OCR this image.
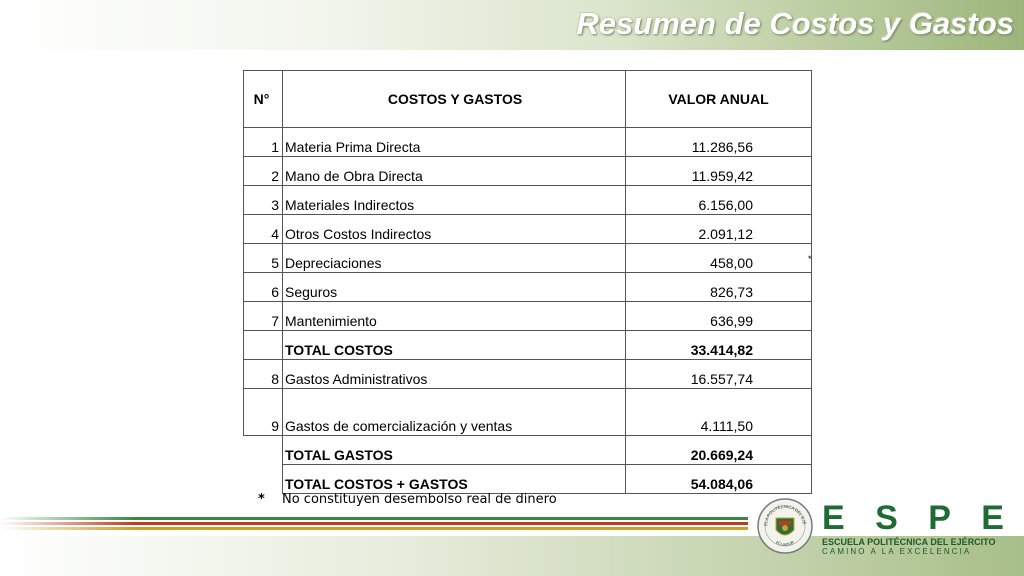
Resumen de Costos y Gastos
N°	COSTOS Y GASTOS	VALOR ANUAL
1	Materia Prima Directa	11.286,56
2	Mano de Obra Directa	11.959,42
3	Materiales Indirectos	6.156,00
4	Otros Costos Indirectos	2.091,12
5	Depreciaciones	458,00
6	Seguros	826,73
7	Mantenimiento	636,99
	TOTAL COSTOS	33.414,82
8	Gastos Administrativos	16.557,74
9	Gastos de comercialización y ventas	4.111,50
	TOTAL GASTOS	20.669,24
	TOTAL COSTOS + GASTOS	54.084,06
*
* No constituyen desembolso real de dinero
ELA POLITÉCNICA DEL EJÉ
ECUADOR
E S P E
ESCUELA POLITÉCNICA DEL EJÉRCITO
CAMINO A LA EXCELENCIA
